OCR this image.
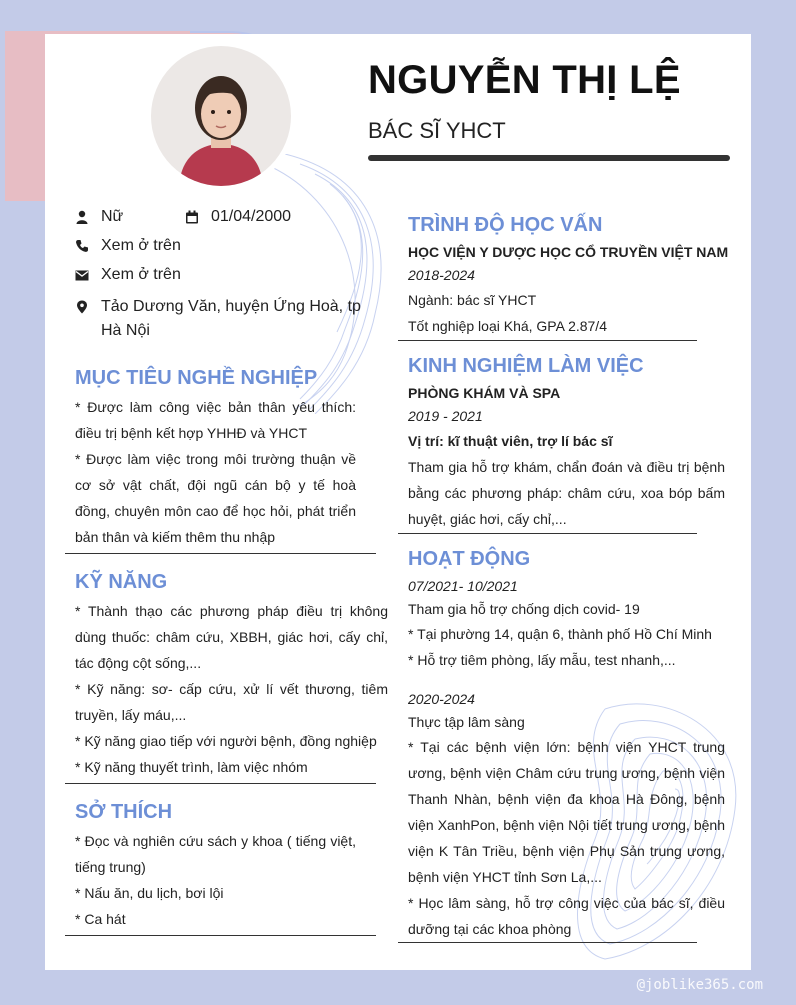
NGUYỄN THỊ LỆ
BÁC SĨ YHCT
Nữ	01/04/2000
Xem ở trên
Xem ở trên
Tảo Dương Văn, huyện Ứng Hoà, tp Hà Nội
MỤC TIÊU NGHỀ NGHIỆP

* Được làm công việc bản thân yêu thích: điều trị bệnh kết hợp YHHĐ và YHCT

* Được làm việc trong môi trường thuận về cơ sở vật chất, đội ngũ cán bộ y tế hoà đồng, chuyên môn cao để học hỏi, phát triển bản thân và kiếm thêm thu nhập

KỸ NĂNG

* Thành thạo các phương pháp điều trị không dùng thuốc: châm cứu, XBBH, giác hơi, cấy chỉ, tác động cột sống,...

* Kỹ năng: sơ- cấp cứu, xử lí vết thương, tiêm truyền, lấy máu,...

* Kỹ năng giao tiếp với người bệnh, đồng nghiệp

* Kỹ năng thuyết trình, làm việc nhóm

SỞ THÍCH

* Đọc và nghiên cứu sách y khoa ( tiếng việt, tiếng trung)

* Nấu ăn, du lịch, bơi lội

* Ca hát

TRÌNH ĐỘ HỌC VẤN
HỌC VIỆN Y DƯỢC HỌC CỔ TRUYỀN VIỆT NAM
2018-2024
Ngành: bác sĩ YHCT
Tốt nghiệp loại Khá, GPA 2.87/4
KINH NGHIỆM LÀM VIỆC
PHÒNG KHÁM VÀ SPA
2019 - 2021
Vị trí: kĩ thuật viên, trợ lí bác sĩ
Tham gia hỗ trợ khám, chẩn đoán và điều trị bệnh bằng các phương pháp: châm cứu, xoa bóp bấm huyệt, giác hơi, cấy chỉ,...
HOẠT ĐỘNG
07/2021- 10/2021
Tham gia hỗ trợ chống dịch covid- 19
* Tại phường 14, quận 6, thành phố Hồ Chí Minh
* Hỗ trợ tiêm phòng, lấy mẫu, test nhanh,...
2020-2024
Thực tập lâm sàng

* Tại các bệnh viện lớn: bệnh viện YHCT trung ương, bệnh viện Châm cứu trung ương, bệnh viện Thanh Nhàn, bệnh viện đa khoa Hà Đông, bệnh viện XanhPon, bệnh viện Nội tiết trung ương, bệnh viện K Tân Triều, bệnh viện Phụ Sản trung ương, bệnh viện YHCT tỉnh Sơn La,...

* Học lâm sàng, hỗ trợ công việc của bác sĩ, điều dưỡng tại các khoa phòng

@joblike365.com
